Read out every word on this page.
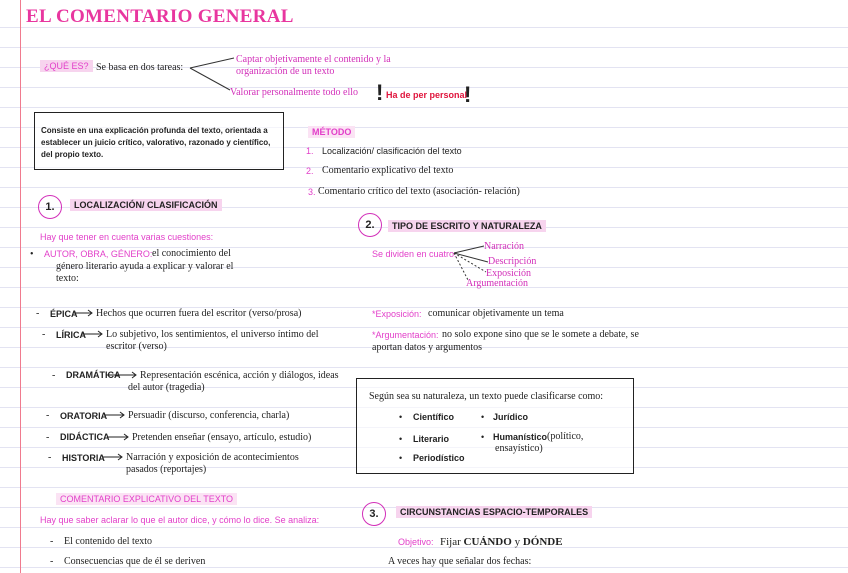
EL COMENTARIO GENERAL
¿QUÉ ES? Se basa en dos tareas:
Captar objetivamente el contenido y la
organización de un texto
Valorar personalmente todo ello ! Ha de per personal
!
Consiste en una explicación profunda del texto, orientada a
establecer un juicio crítico, valorativo, razonado y científico,
del propio texto.
MÉTODO
1. Localización/ clasificación del texto
2. Comentario explicativo del texto
3. Comentario crítico del texto (asociación- relación)
1.	LOCALIZACIÓN/ CLASIFICACIÓN
Hay que tener en cuenta varias cuestiones:
• AUTOR, OBRA, GÉNERO: el conocimiento del
género literario ayuda a explicar y valorar el
texto:
- ÉPICA Hechos que ocurren fuera del escritor (verso/prosa)
- LÍRICA Lo subjetivo, los sentimientos, el universo íntimo del
escritor (verso)
- DRAMÁTICA Representación escénica, acción y diálogos, ideas
del autor (tragedia)
- ORATORIA Persuadir (discurso, conferencia, charla)
- DIDÁCTICA Pretenden enseñar (ensayo, artículo, estudio)
- HISTORIA Narración y exposición de acontecimientos
pasados (reportajes)
2.	TIPO DE ESCRITO Y NATURALEZA
Se dividen en cuatro:
Narración
Descripción
Exposición
Argumentación
*Exposición: comunicar objetivamente un tema
*Argumentación: no solo expone sino que se le somete a debate, se
aportan datos y argumentos
Según sea su naturaleza, un texto puede clasificarse como:
• Científico	• Jurídico
• Literario	• Humanístico (político,
ensayístico)
• Periodístico
COMENTARIO EXPLICATIVO DEL TEXTO
Hay que saber aclarar lo que el autor dice, y cómo lo dice. Se analiza:
- El contenido del texto
- Consecuencias que de él se deriven
3.	CIRCUNSTANCIAS ESPACIO-TEMPORALES
Objetivo: Fijar CUÁNDO y DÓNDE
A veces hay que señalar dos fechas:
